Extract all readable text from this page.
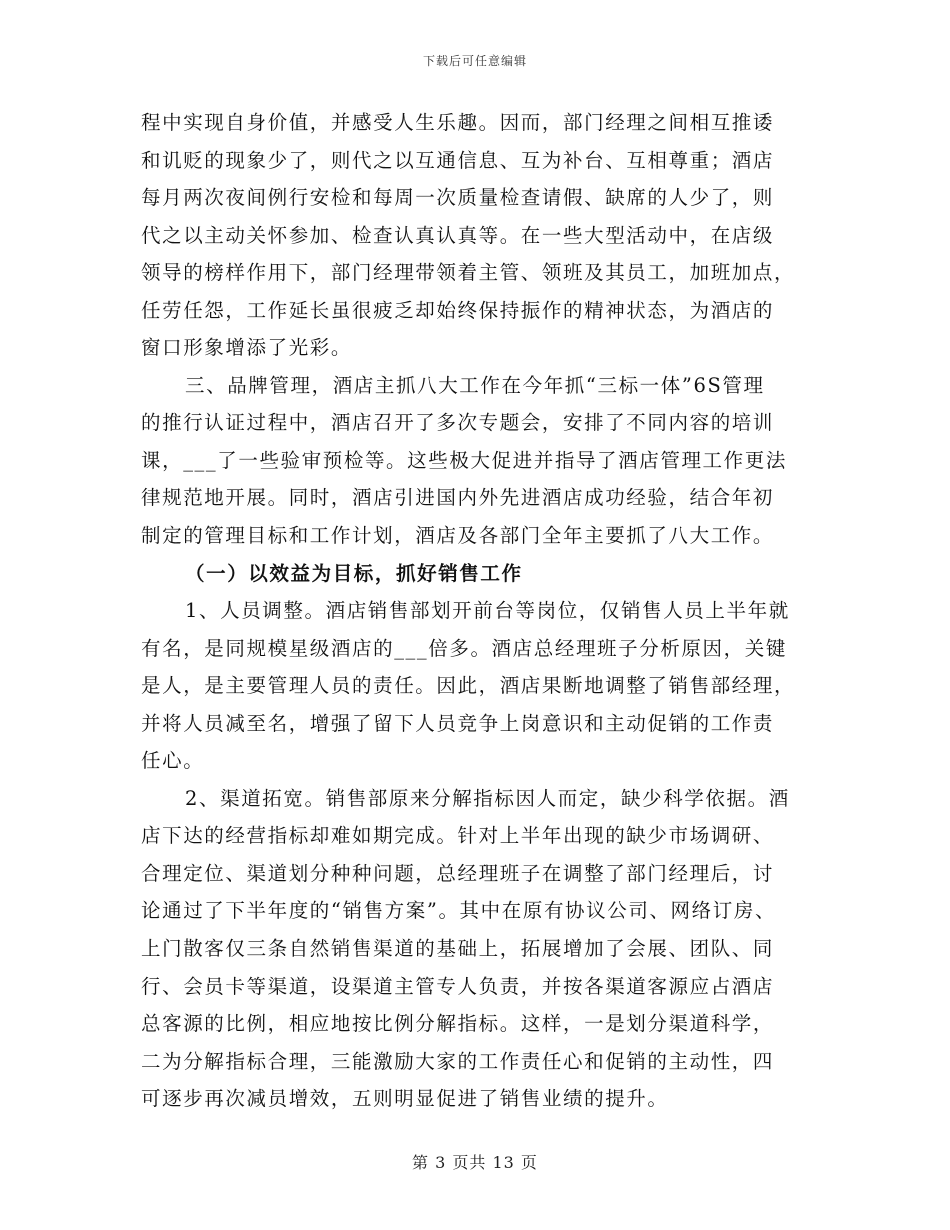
下载后可任意编辑
程中实现自身价值，并感受人生乐趣。因而，部门经理之间相互推诿
和讥贬的现象少了，则代之以互通信息、互为补台、互相尊重；酒店
每月两次夜间例行安检和每周一次质量检查请假、缺席的人少了，则
代之以主动关怀参加、检查认真认真等。在一些大型活动中，在店级
领导的榜样作用下，部门经理带领着主管、领班及其员工，加班加点，
任劳任怨，工作延长虽很疲乏却始终保持振作的精神状态，为酒店的
窗口形象增添了光彩。
三、品牌管理，酒店主抓八大工作在今年抓“三标一体”6S管理
的推行认证过程中，酒店召开了多次专题会，安排了不同内容的培训
课，___了一些验审预检等。这些极大促进并指导了酒店管理工作更法
律规范地开展。同时，酒店引进国内外先进酒店成功经验，结合年初
制定的管理目标和工作计划，酒店及各部门全年主要抓了八大工作。
（一）以效益为目标，抓好销售工作
1、人员调整。酒店销售部划开前台等岗位，仅销售人员上半年就
有名，是同规模星级酒店的___倍多。酒店总经理班子分析原因，关键
是人，是主要管理人员的责任。因此，酒店果断地调整了销售部经理，
并将人员减至名，增强了留下人员竞争上岗意识和主动促销的工作责
任心。
2、渠道拓宽。销售部原来分解指标因人而定，缺少科学依据。酒
店下达的经营指标却难如期完成。针对上半年出现的缺少市场调研、
合理定位、渠道划分种种问题，总经理班子在调整了部门经理后，讨
论通过了下半年度的“销售方案”。其中在原有协议公司、网络订房、
上门散客仅三条自然销售渠道的基础上，拓展增加了会展、团队、同
行、会员卡等渠道，设渠道主管专人负责，并按各渠道客源应占酒店
总客源的比例，相应地按比例分解指标。这样，一是划分渠道科学，
二为分解指标合理，三能激励大家的工作责任心和促销的主动性，四
可逐步再次减员增效，五则明显促进了销售业绩的提升。
第 3 页共 13 页
